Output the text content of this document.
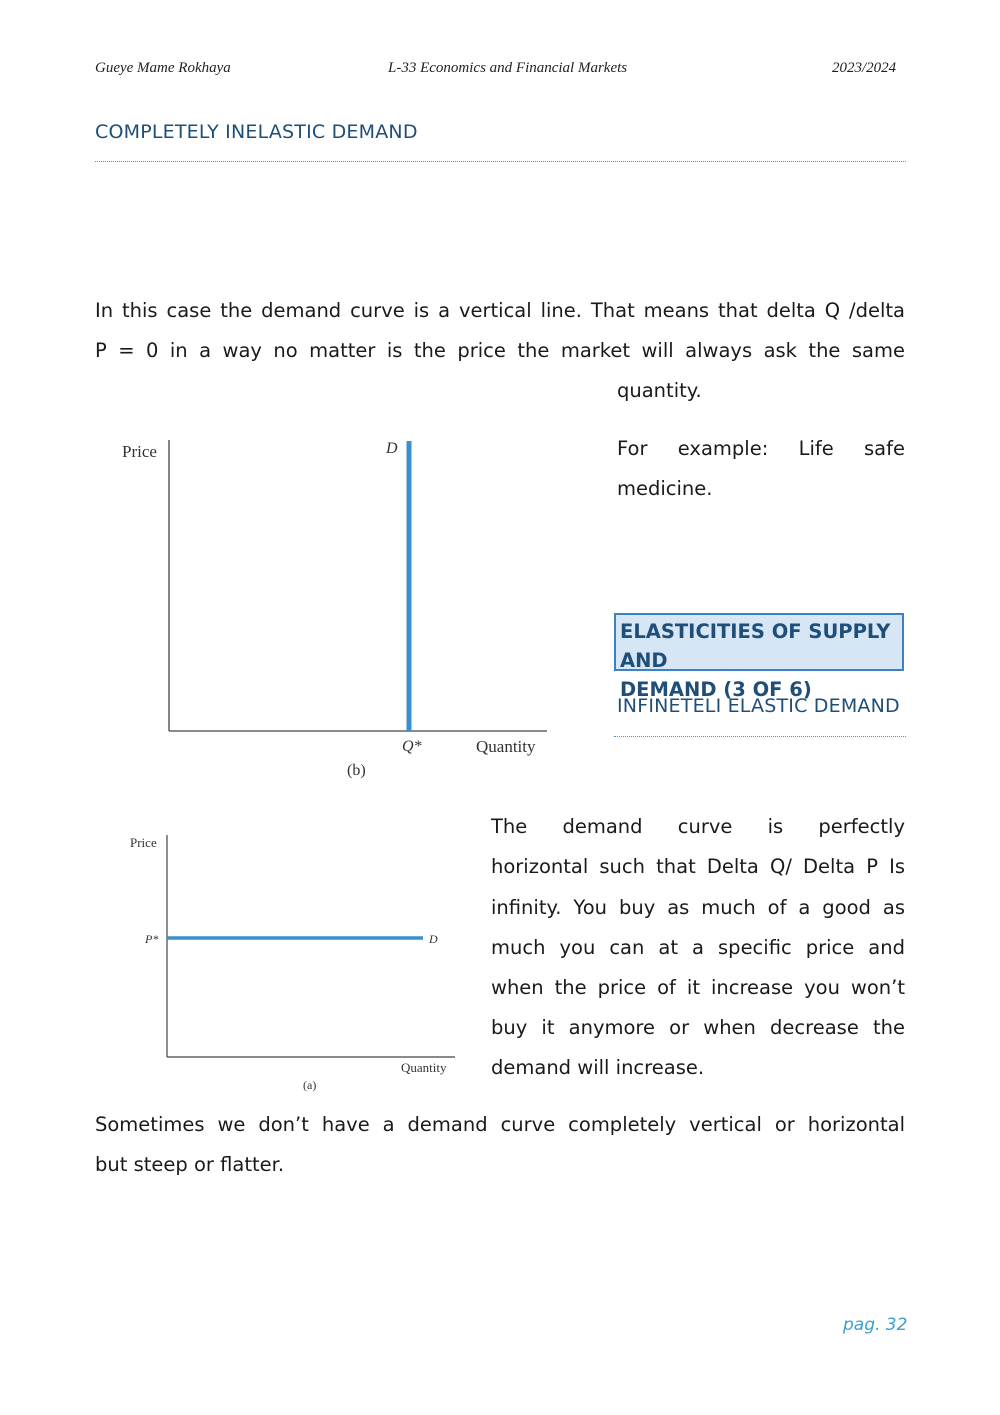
Gueye Mame Rokhaya	L-33 Economics and Financial Markets	2023/2024
COMPLETELY INELASTIC DEMAND
In this case the demand curve is a vertical line. That means that delta Q /delta
P = 0 in a way no matter is the price the market will always ask the same
quantity.
For example: Life safe
medicine.
Price	D
Q*	Quantity
(b)
ELASTICITIES OF SUPPLY AND
DEMAND (3 OF 6)
INFINETELI ELASTIC DEMAND
Price
P*	D
Quantity
(a)
The demand curve is perfectly
horizontal such that Delta Q/ Delta P Is
infinity. You buy as much of a good as
much you can at a specific price and
when the price of it increase you won’t
buy it anymore or when decrease the
demand will increase.
Sometimes we don’t have a demand curve completely vertical or horizontal
but steep or flatter.
pag. 32
